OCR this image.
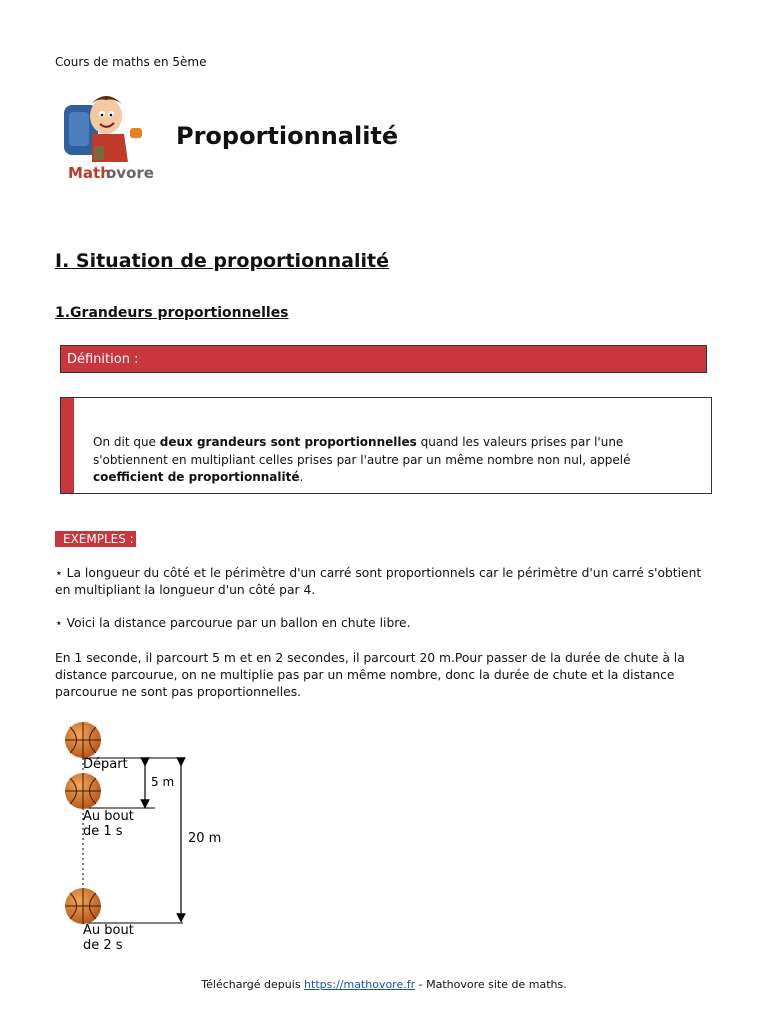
Cours de maths en 5ème
Math
ovore
Proportionnalité
I. Situation de proportionnalité
1.Grandeurs proportionnelles
Définition :
On dit que deux grandeurs sont proportionnelles quand les valeurs prises par l'une s'obtiennent en multipliant celles prises par l'autre par un même nombre non nul, appelé coefficient de proportionnalité.
EXEMPLES :
⋆ La longueur du côté et le périmètre d'un carré sont proportionnels car le périmètre d'un carré s'obtient en multipliant la longueur d'un côté par 4.
⋆ Voici la distance parcourue par un ballon en chute libre.
En 1 seconde, il parcourt 5 m et en 2 secondes, il parcourt 20 m.Pour passer de la durée de chute à la distance parcourue, on ne multiplie pas par un même nombre, donc la durée de chute et la distance parcourue ne sont pas proportionnelles.
Départ
Au bout
de 1 s
Au bout
de 2 s
5 m
20 m
Téléchargé depuis https://mathovore.fr - Mathovore site de maths.
